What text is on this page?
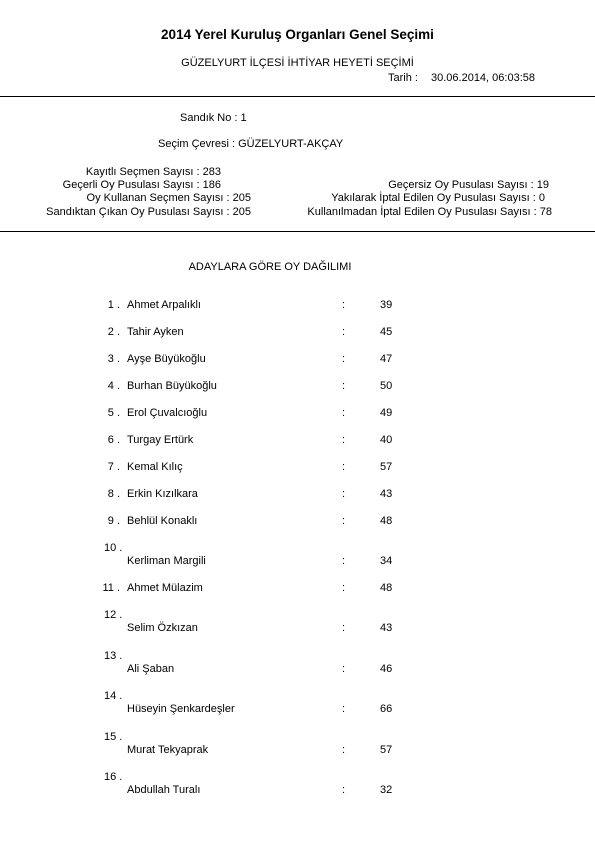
2014 Yerel Kuruluş Organları Genel Seçimi
GÜZELYURT İLÇESİ İHTİYAR HEYETİ SEÇİMİ
Tarih : 30.06.2014, 06:03:58
Sandık No : 1
Seçim Çevresi : GÜZELYURT-AKÇAY
Kayıtlı Seçmen Sayısı : 283
Geçerli Oy Pusulası Sayısı : 186
Oy Kullanan Seçmen Sayısı : 205
Sandıktan Çıkan Oy Pusulası Sayısı : 205
Geçersiz Oy Pusulası Sayısı : 19
Yakılarak İptal Edilen Oy Pusulası Sayısı : 0
Kullanılmadan İptal Edilen Oy Pusulası Sayısı : 78
ADAYLARA GÖRE OY DAĞILIMI
1 . Ahmet Arpalıklı	:	39
2 . Tahir Ayken	:	45
3 . Ayşe Büyükoğlu	:	47
4 . Burhan Büyükoğlu	:	50
5 . Erol Çuvalcıoğlu	:	49
6 . Turgay Ertürk	:	40
7 . Kemal Kılıç	:	57
8 . Erkin Kızılkara	:	43
9 . Behlül Konaklı	:	48
10 .
Kerliman Margili	:	34
11 . Ahmet Mülazim	:	48
12 .
Selim Özkızan	:	43
13 .
Ali Şaban	:	46
14 .
Hüseyin Şenkardeşler	:	66
15 .
Murat Tekyaprak	:	57
16 .
Abdullah Turalı	:	32
